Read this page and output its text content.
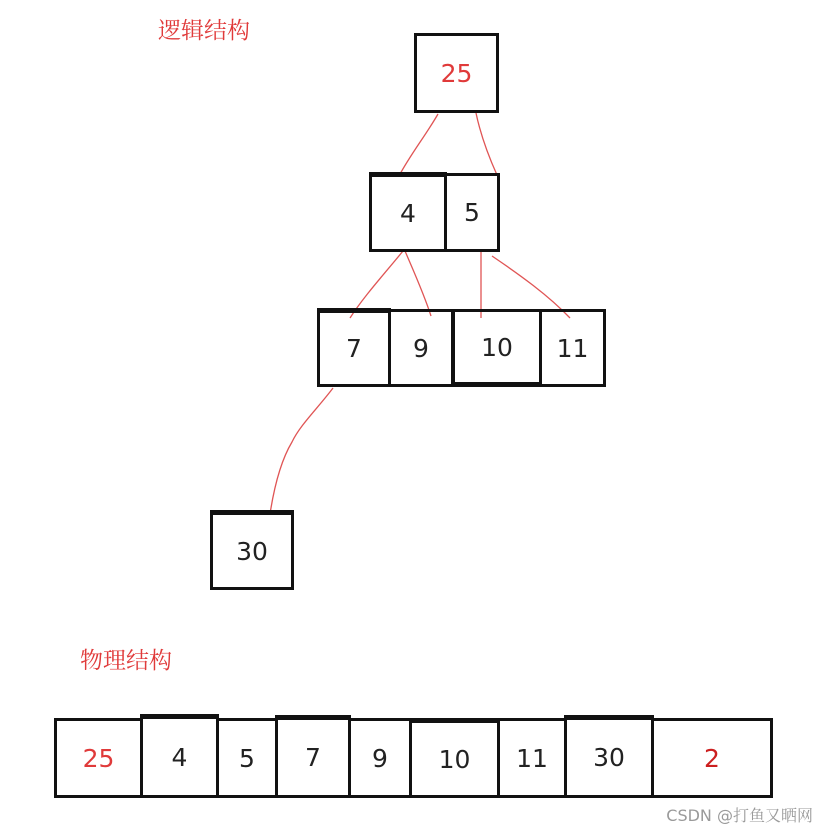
逻辑结构
物理结构
25
4	5
7	9	10	11
30
25	4	5	7	9	10	11	30	2
CSDN @打鱼又晒网
